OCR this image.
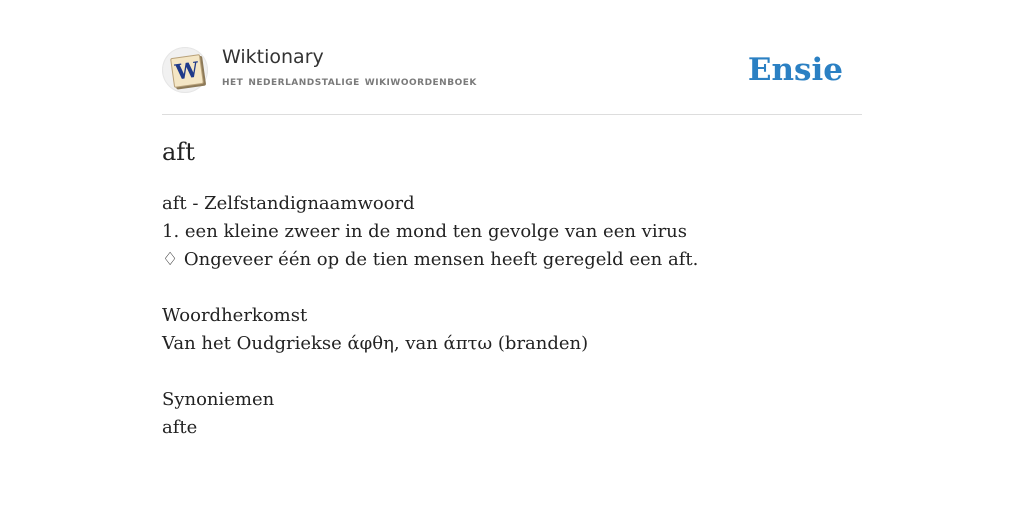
W Wiktionary
het nederlandstalige wikiwoordenboek	Ensie
aft
aft - Zelfstandignaamwoord
1. een kleine zweer in de mond ten gevolge van een virus
♢ Ongeveer één op de tien mensen heeft geregeld een aft.
Woordherkomst
Van het Oudgriekse άφθη, van άπτω (branden)
Synoniemen
afte
